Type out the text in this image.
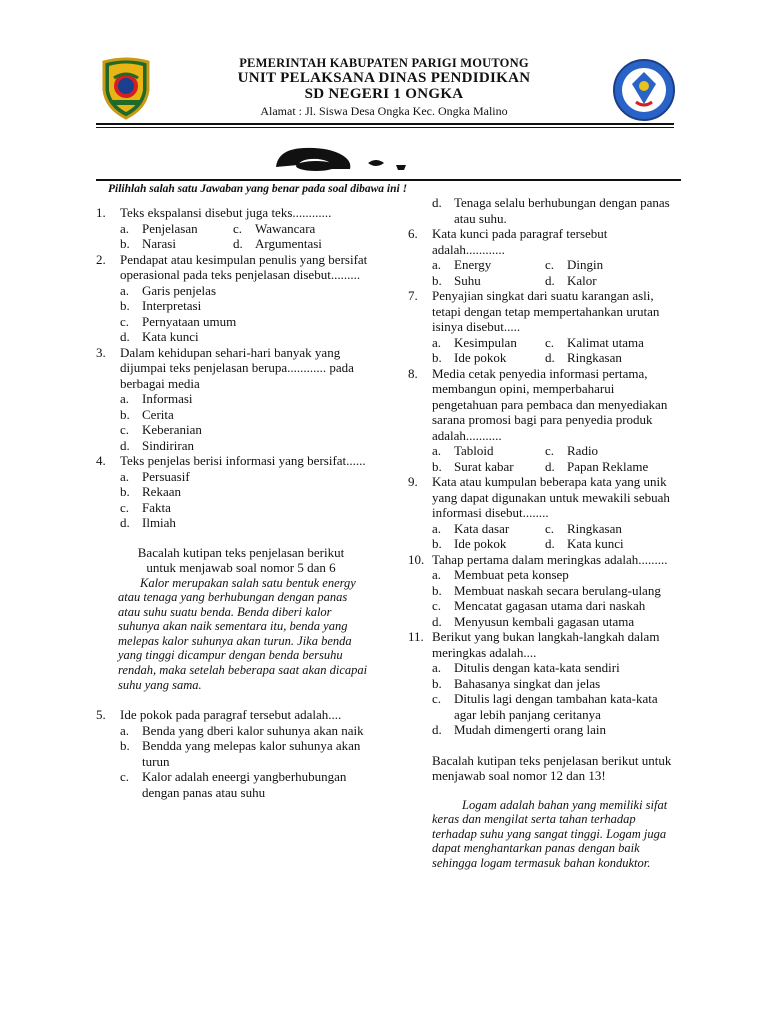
PEMERINTAH KABUPATEN PARIGI MOUTONG
UNIT PELAKSANA DINAS PENDIDIKAN
SD NEGERI 1 ONGKA
Alamat : Jl. Siswa Desa Ongka Kec. Ongka Malino
Pilihlah salah satu Jawaban yang benar pada soal dibawa ini !
1.	Teks ekspalansi disebut juga teks............
a. Penjelasan	c. Wawancara
b. Narasi	d. Argumentasi
2.	Pendapat atau kesimpulan penulis yang bersifat operasional pada teks penjelasan disebut.........
a. Garis penjelas
b. Interpretasi
c. Pernyataan umum
d. Kata kunci
3.	Dalam kehidupan sehari-hari banyak yang dijumpai teks penjelasan berupa............ pada berbagai media
a. Informasi
b. Cerita
c. Keberanian
d. Sindiriran
4.	Teks penjelas berisi informasi yang bersifat......
a. Persuasif
b. Rekaan
c. Fakta
d. Ilmiah
Bacalah kutipan teks penjelasan berikut untuk menjawab soal nomor 5 dan 6
Kalor merupakan salah satu bentuk energy atau tenaga yang berhubungan dengan panas atau suhu suatu benda. Benda diberi kalor suhunya akan naik sementara itu, benda yang melepas kalor suhunya akan turun. Jika benda yang tinggi dicampur dengan benda bersuhu rendah, maka setelah beberapa saat akan dicapai suhu yang sama.
5.	Ide pokok pada paragraf tersebut adalah....
a. Benda yang dberi kalor suhunya akan naik
b. Bendda yang melepas kalor suhunya akan turun
c. Kalor adalah eneergi yangberhubungan dengan panas atau suhu
d. Tenaga selalu berhubungan dengan panas atau suhu.
6.	Kata kunci pada paragraf tersebut adalah............
a. Energy	c. Dingin
b. Suhu	d. Kalor
7.	Penyajian singkat dari suatu karangan asli, tetapi dengan tetap mempertahankan urutan isinya disebut.....
a. Kesimpulan c. Kalimat utama
b. Ide pokok	d. Ringkasan
8.	Media cetak penyedia informasi pertama, membangun opini, memperbaharui pengetahuan para pembaca dan menyediakan sarana promosi bagi para penyedia produk adalah...........
a. Tabloid	c. Radio
b. Surat kabar d. Papan Reklame
9.	Kata atau kumpulan beberapa kata yang unik yang dapat digunakan untuk mewakili sebuah informasi disebut........
a. Kata dasar	c. Ringkasan
b. Ide pokok	d. Kata kunci
10. Tahap pertama dalam meringkas adalah.........
a. Membuat peta konsep
b. Membuat naskah secara berulang-ulang
c. Mencatat gagasan utama dari naskah
d. Menyusun kembali gagasan utama
11. Berikut yang bukan langkah-langkah dalam meringkas adalah....
a. Ditulis dengan kata-kata sendiri
b. Bahasanya singkat dan jelas
c. Ditulis lagi dengan tambahan kata-kata agar lebih panjang ceritanya
d. Mudah dimengerti orang lain
Bacalah kutipan teks penjelasan berikut untuk menjawab soal nomor 12 dan 13!
Logam adalah bahan yang memiliki sifat keras dan mengilat serta tahan terhadap terhadap suhu yang sangat tinggi. Logam juga dapat menghantarkan panas dengan baik sehingga logam termasuk bahan konduktor.
